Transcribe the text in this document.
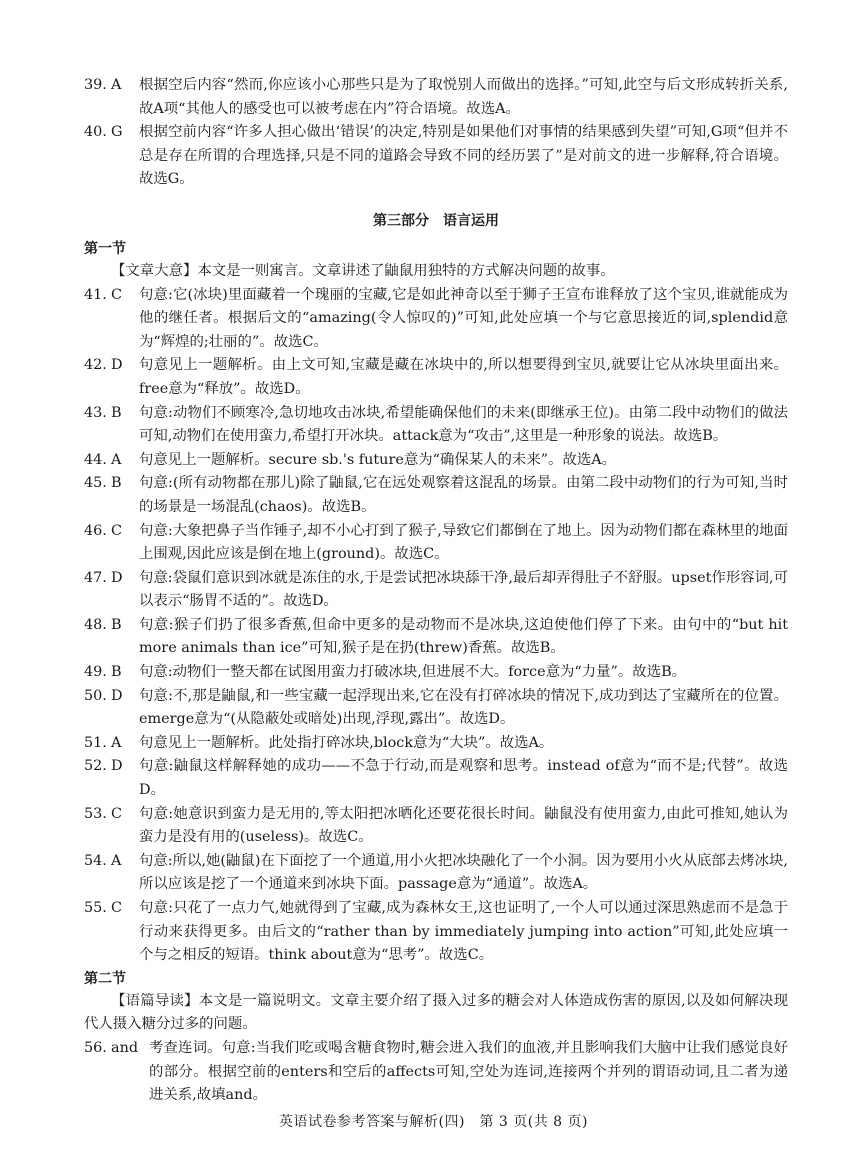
39. A	根据空后内容“然而,你应该小心那些只是为了取悦别人而做出的选择。”可知,此空与后文形成转折关系,故A项“其他人的感受也可以被考虑在内”符合语境。故选A。
40. G	根据空前内容“许多人担心做出‘错误’的决定,特别是如果他们对事情的结果感到失望”可知,G项“但并不总是存在所谓的合理选择,只是不同的道路会导致不同的经历罢了”是对前文的进一步解释,符合语境。故选G。
第三部分　语言运用
第一节
【文章大意】本文是一则寓言。文章讲述了鼬鼠用独特的方式解决问题的故事。
41. C	句意:它(冰块)里面藏着一个瑰丽的宝藏,它是如此神奇以至于狮子王宣布谁释放了这个宝贝,谁就能成为他的继任者。根据后文的“amazing(令人惊叹的)”可知,此处应填一个与它意思接近的词,splendid意为“辉煌的;壮丽的”。故选C。
42. D	句意见上一题解析。由上文可知,宝藏是藏在冰块中的,所以想要得到宝贝,就要让它从冰块里面出来。free意为“释放”。故选D。
43. B	句意:动物们不顾寒冷,急切地攻击冰块,希望能确保他们的未来(即继承王位)。由第二段中动物们的做法可知,动物们在使用蛮力,希望打开冰块。attack意为“攻击”,这里是一种形象的说法。故选B。
44. A	句意见上一题解析。secure sb.'s future意为“确保某人的未来”。故选A。
45. B	句意:(所有动物都在那儿)除了鼬鼠,它在远处观察着这混乱的场景。由第二段中动物们的行为可知,当时的场景是一场混乱(chaos)。故选B。
46. C	句意:大象把鼻子当作锤子,却不小心打到了猴子,导致它们都倒在了地上。因为动物们都在森林里的地面上围观,因此应该是倒在地上(ground)。故选C。
47. D	句意:袋鼠们意识到冰就是冻住的水,于是尝试把冰块舔干净,最后却弄得肚子不舒服。upset作形容词,可以表示“肠胃不适的”。故选D。
48. B	句意:猴子们扔了很多香蕉,但命中更多的是动物而不是冰块,这迫使他们停了下来。由句中的“but hit more animals than ice”可知,猴子是在扔(threw)香蕉。故选B。
49. B	句意:动物们一整天都在试图用蛮力打破冰块,但进展不大。force意为“力量”。故选B。
50. D	句意:不,那是鼬鼠,和一些宝藏一起浮现出来,它在没有打碎冰块的情况下,成功到达了宝藏所在的位置。emerge意为“(从隐蔽处或暗处)出现,浮现,露出”。故选D。
51. A	句意见上一题解析。此处指打碎冰块,block意为“大块”。故选A。
52. D	句意:鼬鼠这样解释她的成功——不急于行动,而是观察和思考。instead of意为“而不是;代替”。故选D。
53. C	句意:她意识到蛮力是无用的,等太阳把冰晒化还要花很长时间。鼬鼠没有使用蛮力,由此可推知,她认为蛮力是没有用的(useless)。故选C。
54. A	句意:所以,她(鼬鼠)在下面挖了一个通道,用小火把冰块融化了一个小洞。因为要用小火从底部去烤冰块,所以应该是挖了一个通道来到冰块下面。passage意为“通道”。故选A。
55. C	句意:只花了一点力气,她就得到了宝藏,成为森林女王,这也证明了,一个人可以通过深思熟虑而不是急于行动来获得更多。由后文的“rather than by immediately jumping into action”可知,此处应填一个与之相反的短语。think about意为“思考”。故选C。
第二节
【语篇导读】本文是一篇说明文。文章主要介绍了摄入过多的糖会对人体造成伤害的原因,以及如何解决现代人摄入糖分过多的问题。
56. and 考查连词。句意:当我们吃或喝含糖食物时,糖会进入我们的血液,并且影响我们大脑中让我们感觉良好的部分。根据空前的enters和空后的affects可知,空处为连词,连接两个并列的谓语动词,且二者为递进关系,故填and。
英语试卷参考答案与解析(四)　第 3 页(共 8 页)
